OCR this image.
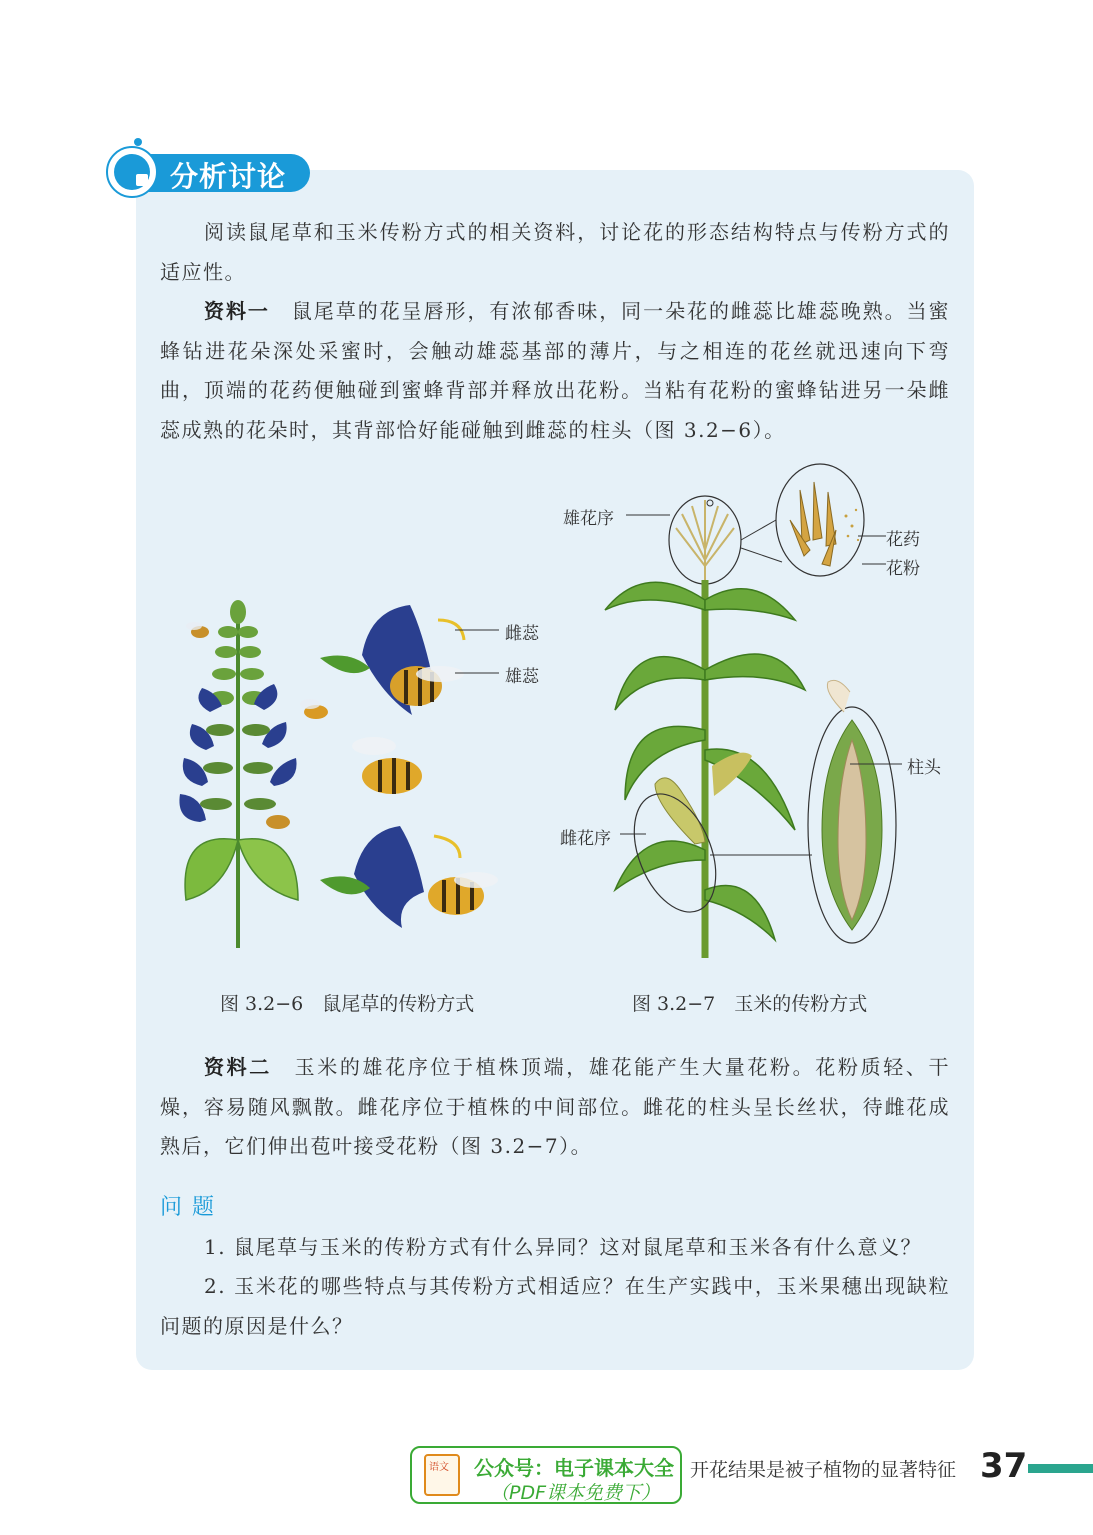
分析讨论

阅读鼠尾草和玉米传粉方式的相关资料，讨论花的形态结构特点与传粉方式的适应性。

资料一　 鼠尾草的花呈唇形，有浓郁香味，同一朵花的雌蕊比雄蕊晚熟。当蜜蜂钻进花朵深处采蜜时，会触动雄蕊基部的薄片，与之相连的花丝就迅速向下弯曲，顶端的花药便触碰到蜜蜂背部并释放出花粉。当粘有花粉的蜜蜂钻进另一朵雌蕊成熟的花朵时，其背部恰好能碰触到雌蕊的柱头（图 3.2−6）。

雌蕊
雄蕊
图 3.2−6　鼠尾草的传粉方式
雄花序
花药
花粉
柱头
雌花序
图 3.2−7　玉米的传粉方式

资料二　 玉米的雄花序位于植株顶端，雄花能产生大量花粉。花粉质轻、干燥，容易随风飘散。雌花序位于植株的中间部位。雌花的柱头呈长丝状，待雌花成熟后，它们伸出苞叶接受花粉（图 3.2−7）。

问题

1. 鼠尾草与玉米的传粉方式有什么异同？这对鼠尾草和玉米各有什么意义？

2. 玉米花的哪些特点与其传粉方式相适应？在生产实践中，玉米果穗出现缺粒问题的原因是什么？

语文 公众号：电子课本大全
（PDF课本免费下）
开花结果是被子植物的显著特征 37
